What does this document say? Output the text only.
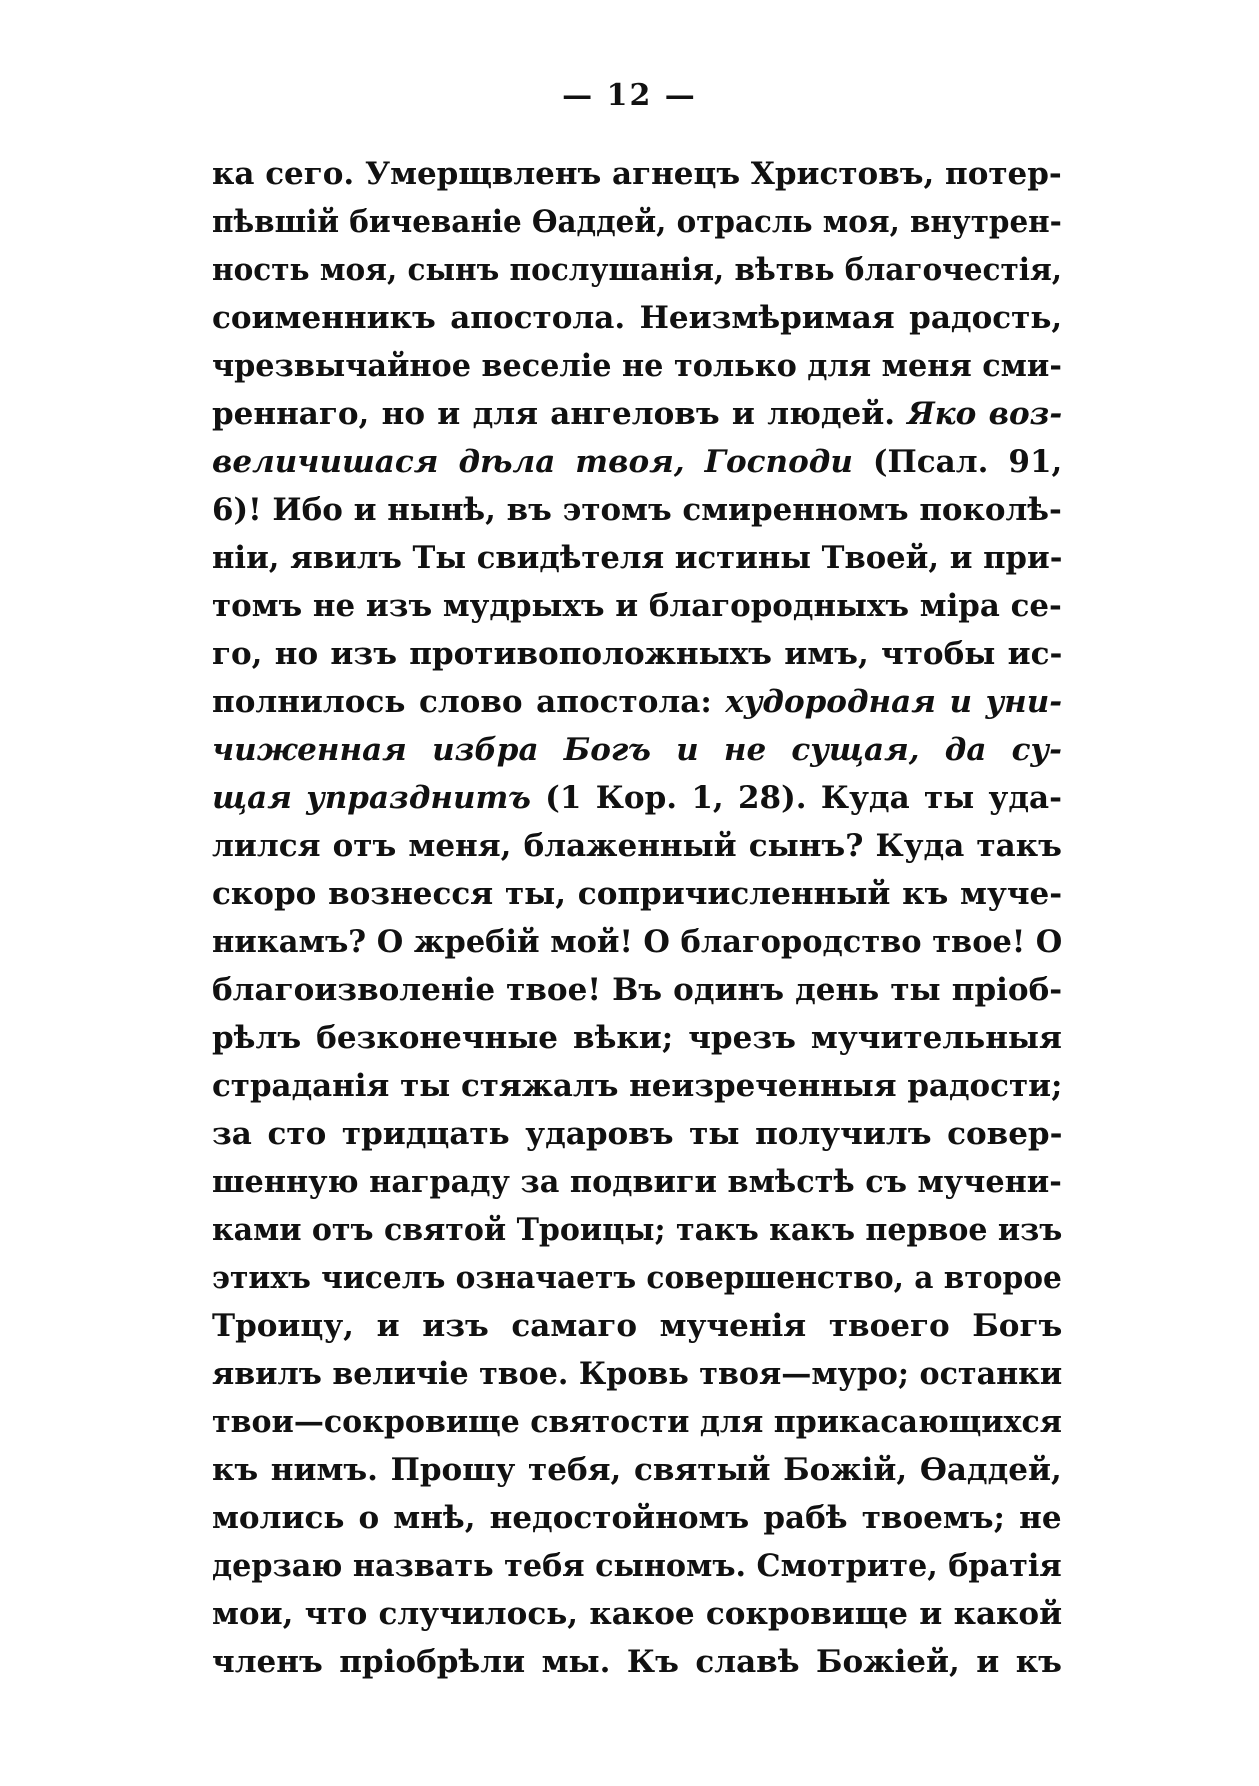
— 12 —
ка сего. Умерщвленъ агнецъ Христовъ, потер-
пѣвшій бичеваніе Ѳаддей, отрасль моя, внутрен-
ность моя, сынъ послушанія, вѣтвь благочестія,
соименникъ апостола. Неизмѣримая радость,
чрезвычайное веселіе не только для меня сми-
реннаго, но и для ангеловъ и людей. Яко воз-
величишася дѣла твоя, Господи (Псал. 91,
6)! Ибо и нынѣ, въ этомъ смиренномъ поколѣ-
ніи, явилъ Ты свидѣтеля истины Твоей, и при-
томъ не изъ мудрыхъ и благородныхъ міра се-
го, но изъ противоположныхъ имъ, чтобы ис-
полнилось слово апостола: худородная и уни-
чиженная избра Богъ и не сущая, да су-
щая упразднитъ (1 Кор. 1, 28). Куда ты уда-
лился отъ меня, блаженный сынъ? Куда такъ
скоро вознесся ты, сопричисленный къ муче-
никамъ? О жребій мой! О благородство твое! О
благоизволеніе твое! Въ одинъ день ты пріоб-
рѣлъ безконечные вѣки; чрезъ мучительныя
страданія ты стяжалъ неизреченныя радости;
за сто тридцать ударовъ ты получилъ совер-
шенную награду за подвиги вмѣстѣ съ мучени-
ками отъ святой Троицы; такъ какъ первое изъ
этихъ чиселъ означаетъ совершенство, а второе
Троицу, и изъ самаго мученія твоего Богъ
явилъ величіе твое. Кровь твоя—муро; останки
твои—сокровище святости для прикасающихся
къ нимъ. Прошу тебя, святый Божій, Ѳаддей,
молись о мнѣ, недостойномъ рабѣ твоемъ; не
дерзаю назвать тебя сыномъ. Смотрите, братія
мои, что случилось, какое сокровище и какой
членъ пріобрѣли мы. Къ славѣ Божіей, и къ
